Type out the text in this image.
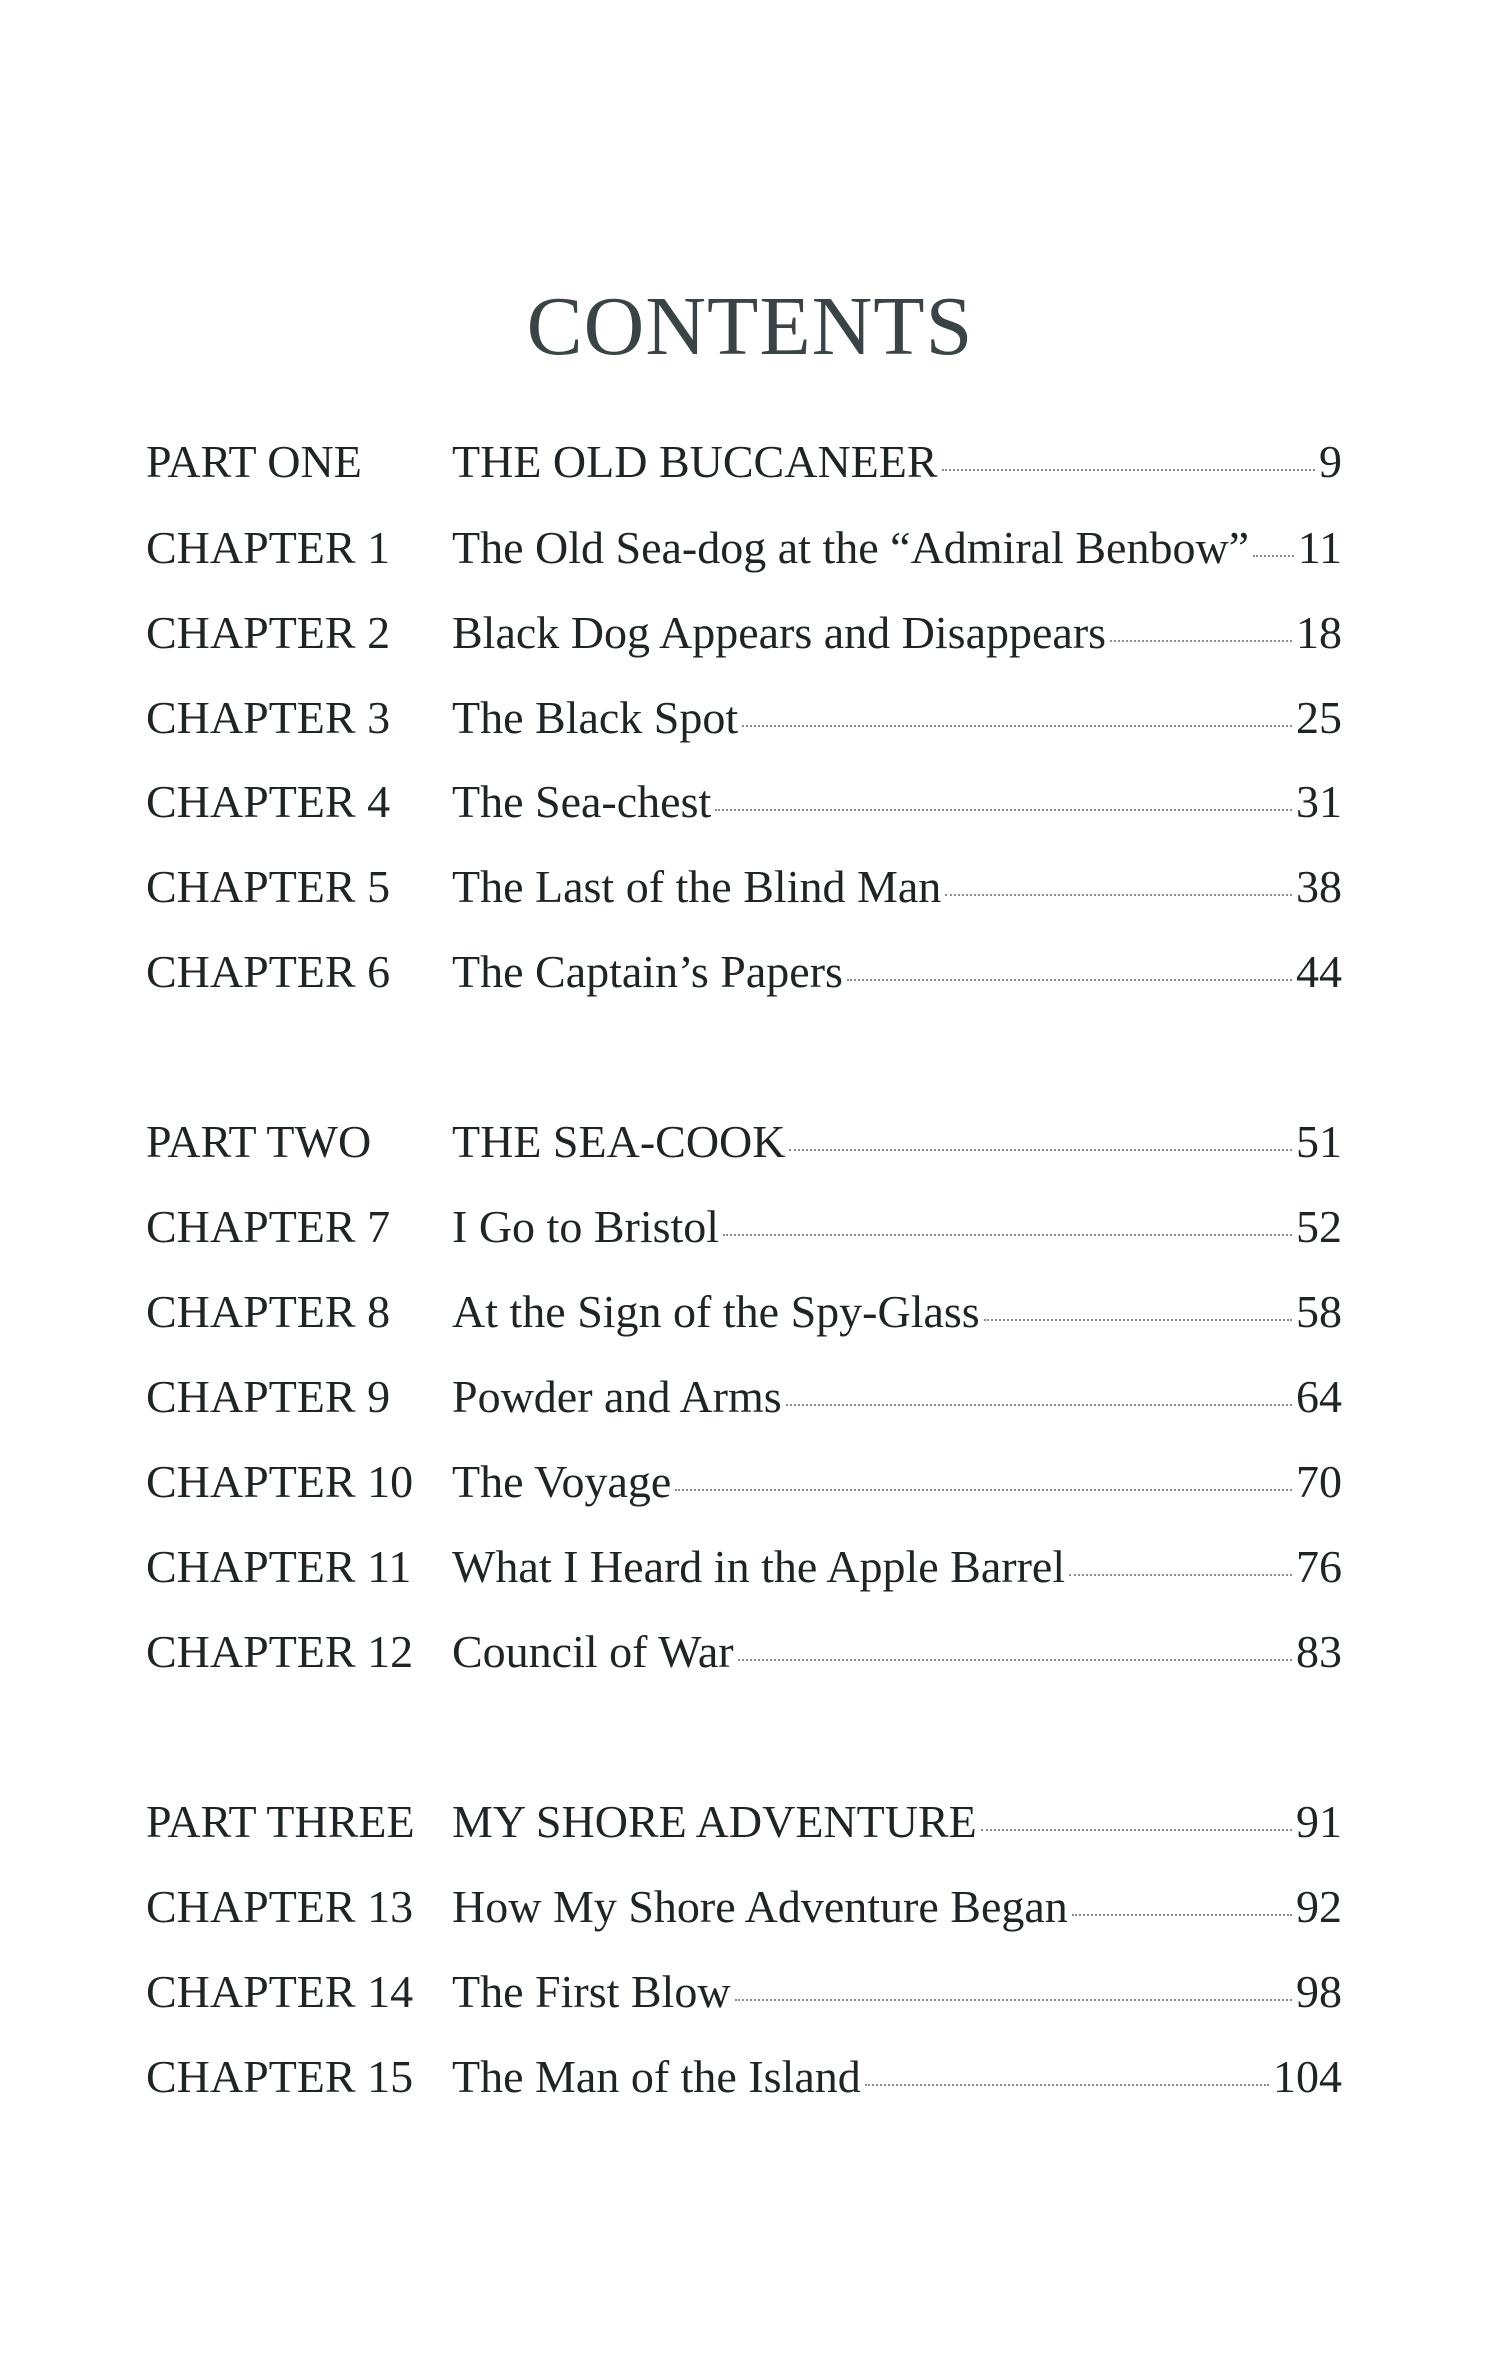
CONTENTS
PART ONE	THE OLD BUCCANEER	9
CHAPTER 1	The Old Sea-dog at the “Admiral Benbow” 11
CHAPTER 2	Black Dog Appears and Disappears	18
CHAPTER 3	The Black Spot	25
CHAPTER 4	The Sea-chest	31
CHAPTER 5	The Last of the Blind Man	38
CHAPTER 6	The Captain’s Papers	44
PART TWO	THE SEA-COOK	51
CHAPTER 7	I Go to Bristol	52
CHAPTER 8	At the Sign of the Spy-Glass	58
CHAPTER 9	Powder and Arms	64
CHAPTER 10 The Voyage	70
CHAPTER 11 What I Heard in the Apple Barrel	76
CHAPTER 12 Council of War	83
PART THREE MY SHORE ADVENTURE	91
CHAPTER 13 How My Shore Adventure Began	92
CHAPTER 14 The First Blow	98
CHAPTER 15 The Man of the Island	104
